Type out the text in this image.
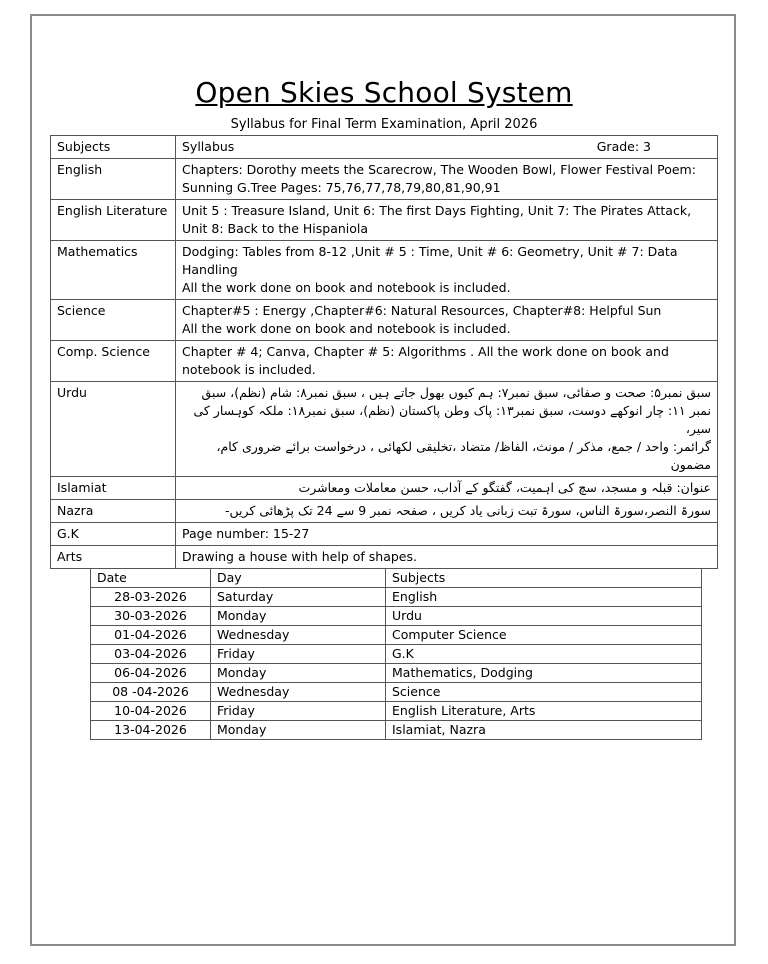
Open Skies School System
Syllabus for Final Term Examination, April 2026
Subjects	Syllabus Grade: 3

English	Chapters: Dorothy meets the Scarecrow, The Wooden Bowl, Flower Festival Poem: Sunning G.Tree Pages: 75,76,77,78,79,80,81,90,91

English Literature	Unit 5 : Treasure Island, Unit 6: The first Days Fighting, Unit 7: The Pirates Attack, Unit 8: Back to the Hispaniola

Mathematics	Dodging: Tables from 8-12 ,Unit # 5 : Time, Unit # 6: Geometry, Unit # 7: Data Handling
All the work done on book and notebook is included.

Science	Chapter#5 : Energy ,Chapter#6: Natural Resources, Chapter#8: Helpful Sun
All the work done on book and notebook is included.

Comp. Science	Chapter # 4; Canva, Chapter # 5: Algorithms . All the work done on book and notebook is included.

Urdu	سبق نمبر۵: صحت و صفائی، سبق نمبر۷: ہم کیوں بھول جاتے ہیں ، سبق نمبر۸: شام (نظم)، سبق نمبر ۱۱: چار انوکھے دوست، سبق نمبر۱۳: پاک وطن پاکستان (نظم)، سبق نمبر۱۸: ملکہ کوہسار کی سیر،
گرائمر: واحد / جمع، مذکر / مونث، الفاظ/ متضاد ،تخلیقی لکھائی ، درخواست برائے ضروری کام، مضمون

Islamiat	عنوان: قبلہ و مسجد، سچ کی اہمیت، گفتگو کے آداب، حسن معاملات ومعاشرت

Nazra	سورۃ النصر،سورۃ الناس، سورۃ تبت زبانی یاد کریں ، صفحہ نمبر 9 سے 24 تک پڑھائی کریں-

G.K	Page number: 15-27

Arts	Drawing a house with help of shapes.
Date	Day	Subjects
28-03-2026	Saturday	English
30-03-2026	Monday	Urdu
01-04-2026	Wednesday	Computer Science
03-04-2026	Friday	G.K
06-04-2026	Monday	Mathematics, Dodging
08 -04-2026	Wednesday	Science
10-04-2026	Friday	English Literature, Arts
13-04-2026	Monday	Islamiat, Nazra
